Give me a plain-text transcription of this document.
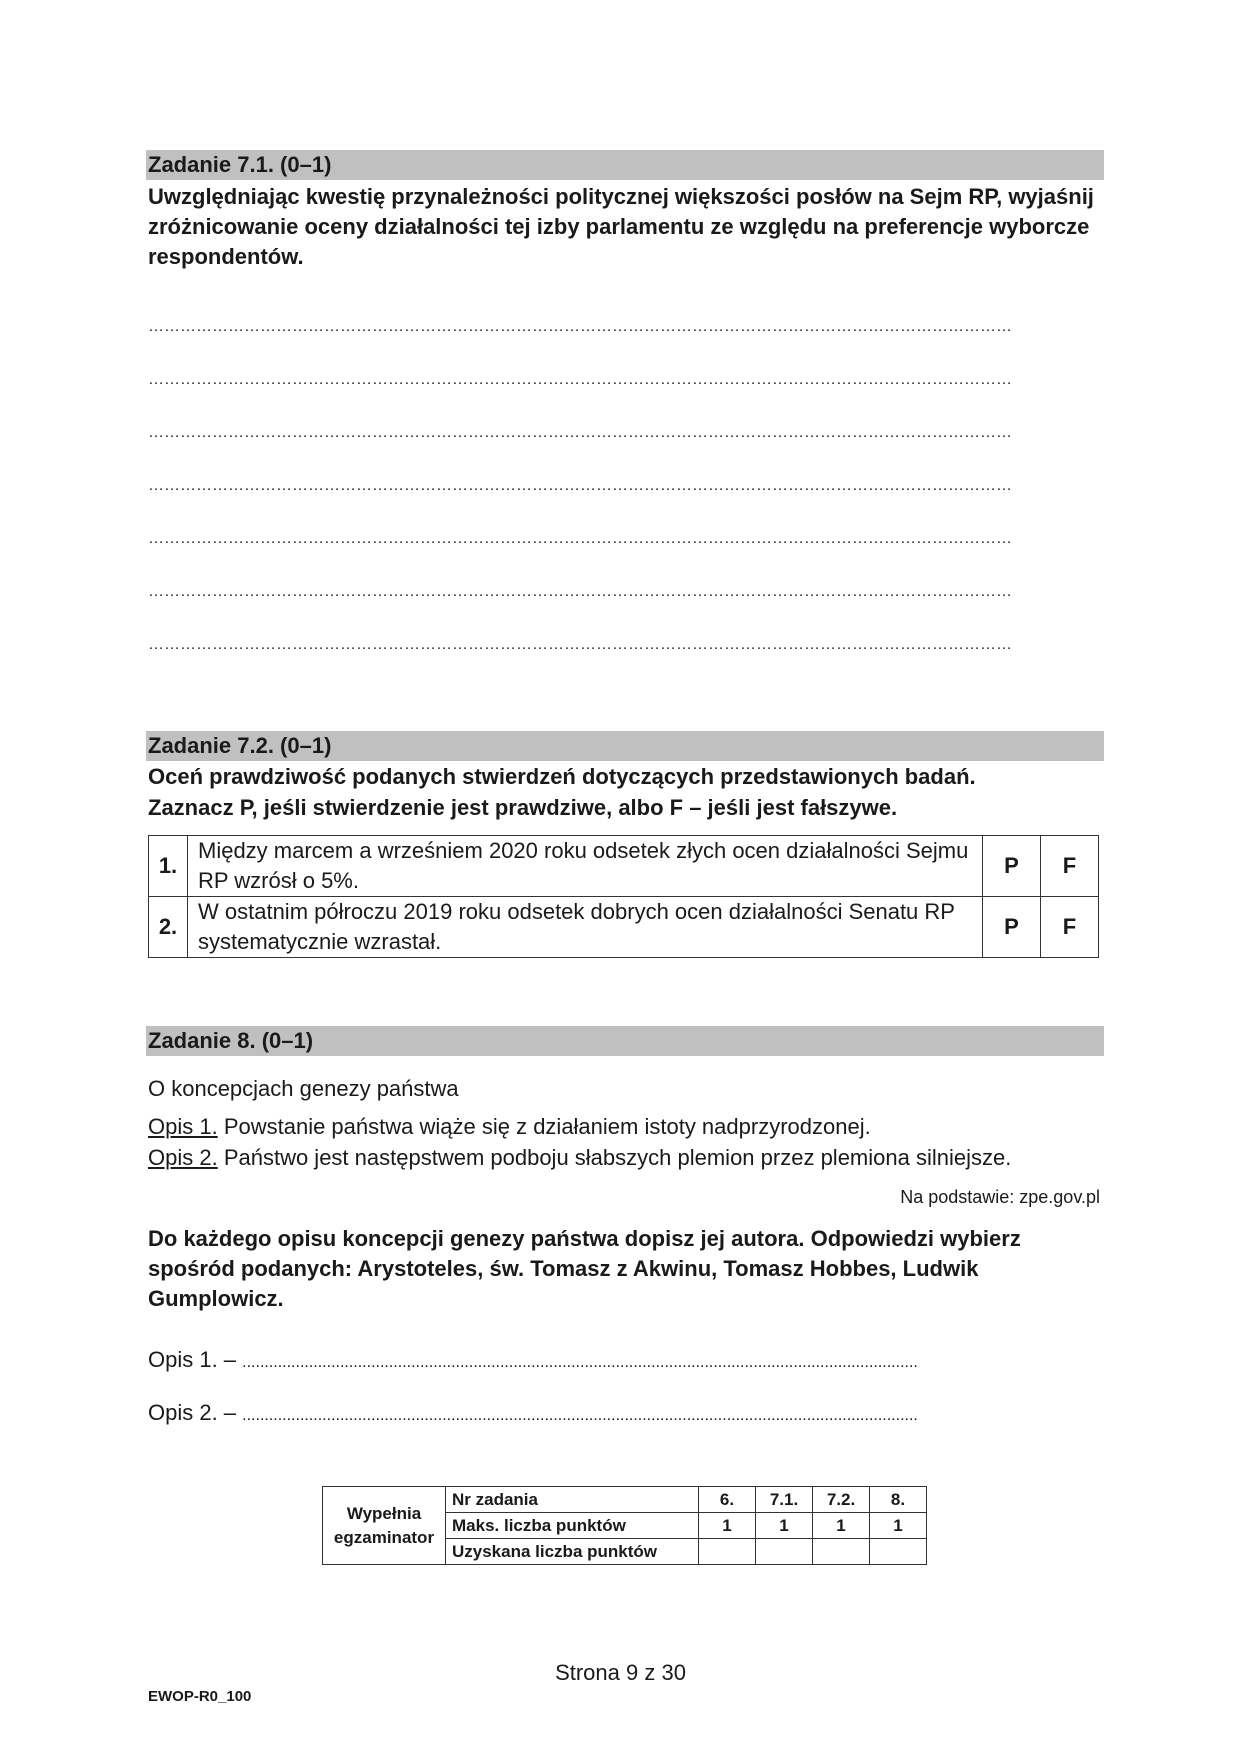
Zadanie 7.1. (0–1)
Uwzględniając kwestię przynależności politycznej większości posłów na Sejm RP, wyjaśnij zróżnicowanie oceny działalności tej izby parlamentu ze względu na preferencje wyborcze respondentów.
………………………………………………………………………………………………………………………………………………
………………………………………………………………………………………………………………………………………………
………………………………………………………………………………………………………………………………………………
………………………………………………………………………………………………………………………………………………
………………………………………………………………………………………………………………………………………………
………………………………………………………………………………………………………………………………………………
………………………………………………………………………………………………………………………………………………
Zadanie 7.2. (0–1)
Oceń prawdziwość podanych stwierdzeń dotyczących przedstawionych badań.
Zaznacz P, jeśli stwierdzenie jest prawdziwe, albo F – jeśli jest fałszywe.
1.	Między marcem a wrześniem 2020 roku odsetek złych ocen działalności Sejmu RP wzrósł o 5%.	P	F
2.	W ostatnim półroczu 2019 roku odsetek dobrych ocen działalności Senatu RP systematycznie wzrastał.	P	F
Zadanie 8. (0–1)
O koncepcjach genezy państwa
Opis 1. Powstanie państwa wiąże się z działaniem istoty nadprzyrodzonej.
Opis 2. Państwo jest następstwem podboju słabszych plemion przez plemiona silniejsze.
Na podstawie: zpe.gov.pl
Do każdego opisu koncepcji genezy państwa dopisz jej autora. Odpowiedzi wybierz spośród podanych: Arystoteles, św. Tomasz z Akwinu, Tomasz Hobbes, Ludwik Gumplowicz.
Opis 1. – ........................................................................................................................................................
Opis 2. – ........................................................................................................................................................
Wypełnia egzaminator	Nr zadania	6.	7.1.	7.2.	8.
	Maks. liczba punktów	1	1	1	1
	Uzyskana liczba punktów				
Strona 9 z 30
EWOP-R0_100
